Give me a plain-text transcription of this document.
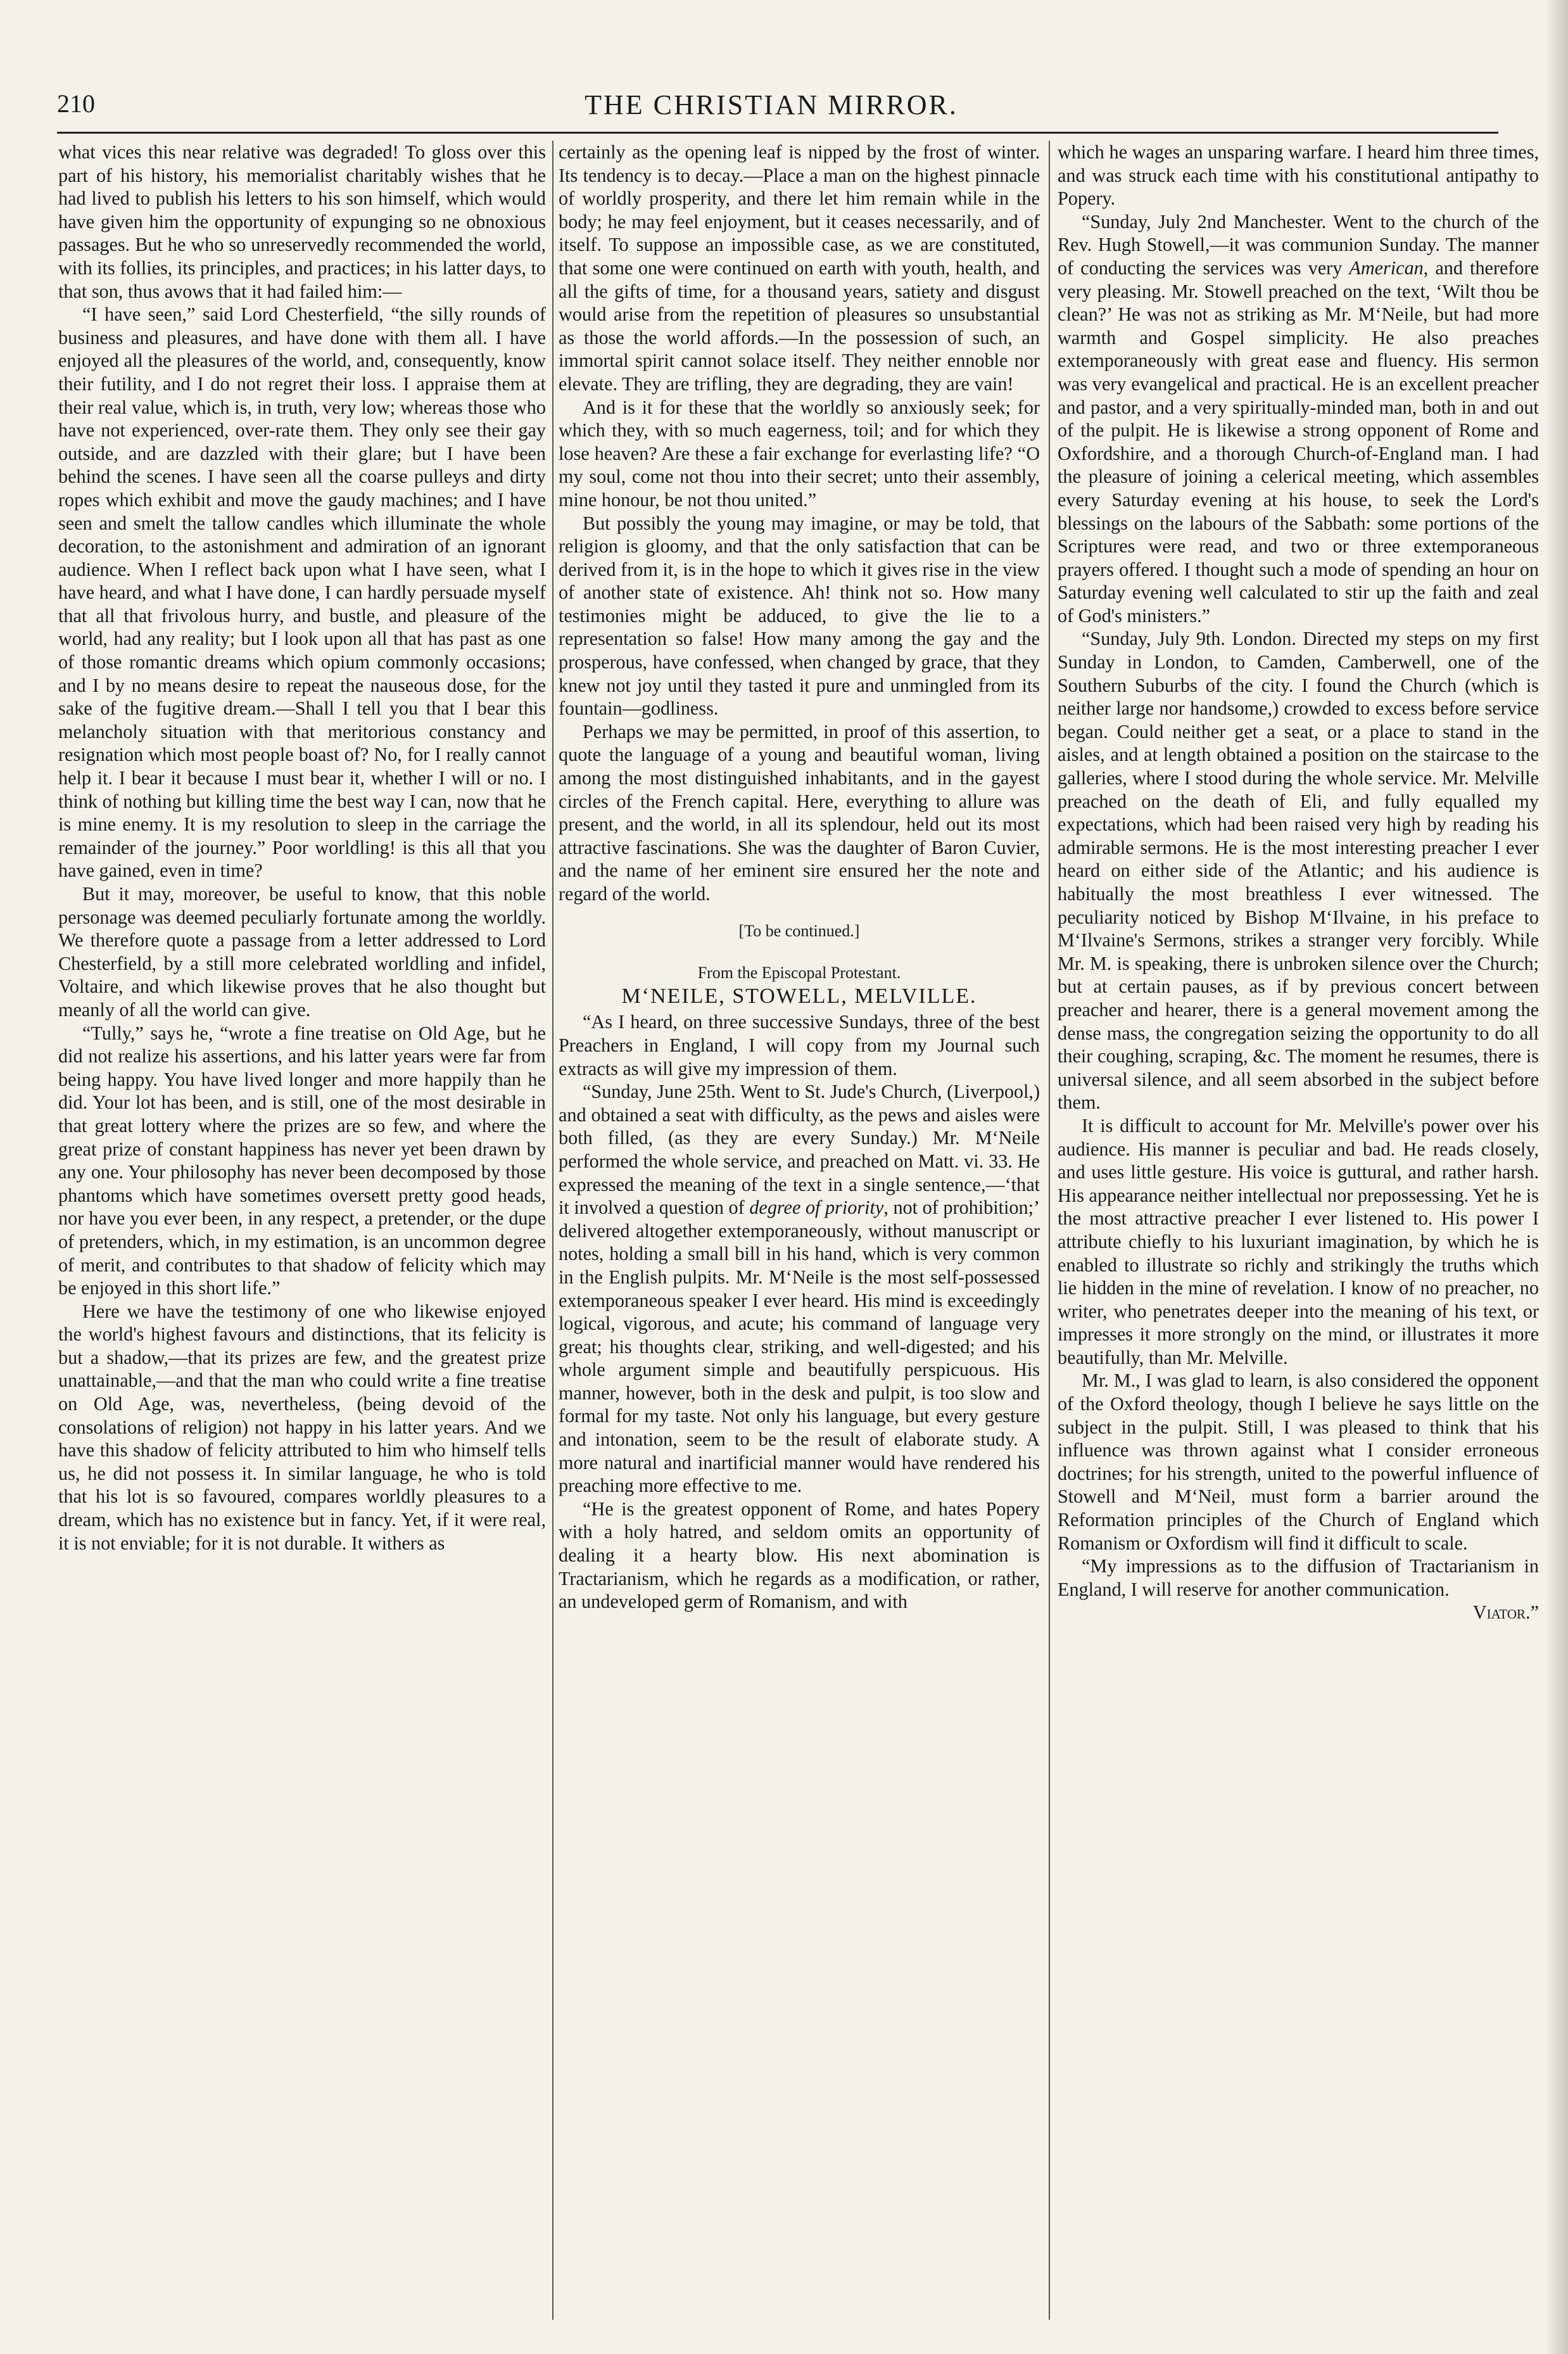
210	THE CHRISTIAN MIRROR.

what vices this near relative was degraded! To gloss over this part of his history, his memorialist charitably wishes that he had lived to publish his letters to his son himself, which would have given him the opportunity of expunging so ne obnoxious passages. But he who so unreservedly recommended the world, with its follies, its principles, and practices; in his latter days, to that son, thus avows that it had failed him:—

“I have seen,” said Lord Chesterfield, “the silly rounds of business and pleasures, and have done with them all. I have enjoyed all the pleasures of the world, and, consequently, know their futility, and I do not regret their loss. I appraise them at their real value, which is, in truth, very low; whereas those who have not experienced, over-rate them. They only see their gay outside, and are dazzled with their glare; but I have been behind the scenes. I have seen all the coarse pulleys and dirty ropes which exhibit and move the gaudy machines; and I have seen and smelt the tallow candles which illuminate the whole decoration, to the astonishment and admiration of an ignorant audience. When I reflect back upon what I have seen, what I have heard, and what I have done, I can hardly persuade myself that all that frivolous hurry, and bustle, and pleasure of the world, had any reality; but I look upon all that has past as one of those romantic dreams which opium commonly occasions; and I by no means desire to repeat the nauseous dose, for the sake of the fugitive dream.—Shall I tell you that I bear this melancholy situation with that meritorious constancy and resignation which most people boast of? No, for I really cannot help it. I bear it because I must bear it, whether I will or no. I think of nothing but killing time the best way I can, now that he is mine enemy. It is my resolution to sleep in the carriage the remainder of the journey.” Poor worldling! is this all that you have gained, even in time?

But it may, moreover, be useful to know, that this noble personage was deemed peculiarly fortunate among the worldly. We therefore quote a passage from a letter addressed to Lord Chesterfield, by a still more celebrated worldling and infidel, Voltaire, and which likewise proves that he also thought but meanly of all the world can give.

“Tully,” says he, “wrote a fine treatise on Old Age, but he did not realize his assertions, and his latter years were far from being happy. You have lived longer and more happily than he did. Your lot has been, and is still, one of the most desirable in that great lottery where the prizes are so few, and where the great prize of constant happiness has never yet been drawn by any one. Your philosophy has never been decomposed by those phantoms which have sometimes oversett pretty good heads, nor have you ever been, in any respect, a pretender, or the dupe of pretenders, which, in my estimation, is an uncommon degree of merit, and contributes to that shadow of felicity which may be enjoyed in this short life.”

Here we have the testimony of one who likewise enjoyed the world's highest favours and distinctions, that its felicity is but a shadow,—that its prizes are few, and the greatest prize unattainable,—and that the man who could write a fine treatise on Old Age, was, nevertheless, (being devoid of the consolations of religion) not happy in his latter years. And we have this shadow of felicity attributed to him who himself tells us, he did not possess it. In similar language, he who is told that his lot is so favoured, compares worldly pleasures to a dream, which has no existence but in fancy. Yet, if it were real, it is not enviable; for it is not durable. It withers as

certainly as the opening leaf is nipped by the frost of winter. Its tendency is to decay.—Place a man on the highest pinnacle of worldly prosperity, and there let him remain while in the body; he may feel enjoyment, but it ceases necessarily, and of itself. To suppose an impossible case, as we are constituted, that some one were continued on earth with youth, health, and all the gifts of time, for a thousand years, satiety and disgust would arise from the repetition of pleasures so unsubstantial as those the world affords.—In the possession of such, an immortal spirit cannot solace itself. They neither ennoble nor elevate. They are trifling, they are degrading, they are vain!

And is it for these that the worldly so anxiously seek; for which they, with so much eagerness, toil; and for which they lose heaven? Are these a fair exchange for everlasting life? “O my soul, come not thou into their secret; unto their assembly, mine honour, be not thou united.”

But possibly the young may imagine, or may be told, that religion is gloomy, and that the only satisfaction that can be derived from it, is in the hope to which it gives rise in the view of another state of existence. Ah! think not so. How many testimonies might be adduced, to give the lie to a representation so false! How many among the gay and the prosperous, have confessed, when changed by grace, that they knew not joy until they tasted it pure and unmingled from its fountain—godliness.

Perhaps we may be permitted, in proof of this assertion, to quote the language of a young and beautiful woman, living among the most distinguished inhabitants, and in the gayest circles of the French capital. Here, everything to allure was present, and the world, in all its splendour, held out its most attractive fascinations. She was the daughter of Baron Cuvier, and the name of her eminent sire ensured her the note and regard of the world.

[To be continued.]

From the Episcopal Protestant.

M‘NEILE, STOWELL, MELVILLE.

“As I heard, on three successive Sundays, three of the best Preachers in England, I will copy from my Journal such extracts as will give my impression of them.

“Sunday, June 25th. Went to St. Jude's Church, (Liverpool,) and obtained a seat with difficulty, as the pews and aisles were both filled, (as they are every Sunday.) Mr. M‘Neile performed the whole service, and preached on Matt. vi. 33. He expressed the meaning of the text in a single sentence,—‘that it involved a question of degree of priority, not of prohibition;’ delivered altogether extemporaneously, without manuscript or notes, holding a small bill in his hand, which is very common in the English pulpits. Mr. M‘Neile is the most self-possessed extemporaneous speaker I ever heard. His mind is exceedingly logical, vigorous, and acute; his command of language very great; his thoughts clear, striking, and well-digested; and his whole argument simple and beautifully perspicuous. His manner, however, both in the desk and pulpit, is too slow and formal for my taste. Not only his language, but every gesture and intonation, seem to be the result of elaborate study. A more natural and inartificial manner would have rendered his preaching more effective to me.

“He is the greatest opponent of Rome, and hates Popery with a holy hatred, and seldom omits an opportunity of dealing it a hearty blow. His next abomination is Tractarianism, which he regards as a modification, or rather, an undeveloped germ of Romanism, and with

which he wages an unsparing warfare. I heard him three times, and was struck each time with his constitutional antipathy to Popery.

“Sunday, July 2nd Manchester. Went to the church of the Rev. Hugh Stowell,—it was communion Sunday. The manner of conducting the services was very American, and therefore very pleasing. Mr. Stowell preached on the text, ‘Wilt thou be clean?’ He was not as striking as Mr. M‘Neile, but had more warmth and Gospel simplicity. He also preaches extemporaneously with great ease and fluency. His sermon was very evangelical and practical. He is an excellent preacher and pastor, and a very spiritually-minded man, both in and out of the pulpit. He is likewise a strong opponent of Rome and Oxfordshire, and a thorough Church-of-England man. I had the pleasure of joining a celerical meeting, which assembles every Saturday evening at his house, to seek the Lord's blessings on the labours of the Sabbath: some portions of the Scriptures were read, and two or three extemporaneous prayers offered. I thought such a mode of spending an hour on Saturday evening well calculated to stir up the faith and zeal of God's ministers.”

“Sunday, July 9th. London. Directed my steps on my first Sunday in London, to Camden, Camberwell, one of the Southern Suburbs of the city. I found the Church (which is neither large nor handsome,) crowded to excess before service began. Could neither get a seat, or a place to stand in the aisles, and at length obtained a position on the staircase to the galleries, where I stood during the whole service. Mr. Melville preached on the death of Eli, and fully equalled my expectations, which had been raised very high by reading his admirable sermons. He is the most interesting preacher I ever heard on either side of the Atlantic; and his audience is habitually the most breathless I ever witnessed. The peculiarity noticed by Bishop M‘Ilvaine, in his preface to M‘Ilvaine's Sermons, strikes a stranger very forcibly. While Mr. M. is speaking, there is unbroken silence over the Church; but at certain pauses, as if by previous concert between preacher and hearer, there is a general movement among the dense mass, the congregation seizing the opportunity to do all their coughing, scraping, &c. The moment he resumes, there is universal silence, and all seem absorbed in the subject before them.

It is difficult to account for Mr. Melville's power over his audience. His manner is peculiar and bad. He reads closely, and uses little gesture. His voice is guttural, and rather harsh. His appearance neither intellectual nor prepossessing. Yet he is the most attractive preacher I ever listened to. His power I attribute chiefly to his luxuriant imagination, by which he is enabled to illustrate so richly and strikingly the truths which lie hidden in the mine of revelation. I know of no preacher, no writer, who penetrates deeper into the meaning of his text, or impresses it more strongly on the mind, or illustrates it more beautifully, than Mr. Melville.

Mr. M., I was glad to learn, is also considered the opponent of the Oxford theology, though I believe he says little on the subject in the pulpit. Still, I was pleased to think that his influence was thrown against what I consider erroneous doctrines; for his strength, united to the powerful influence of Stowell and M‘Neil, must form a barrier around the Reformation principles of the Church of England which Romanism or Oxfordism will find it difficult to scale.

“My impressions as to the diffusion of Tractarianism in England, I will reserve for another communication.

Viator.”
